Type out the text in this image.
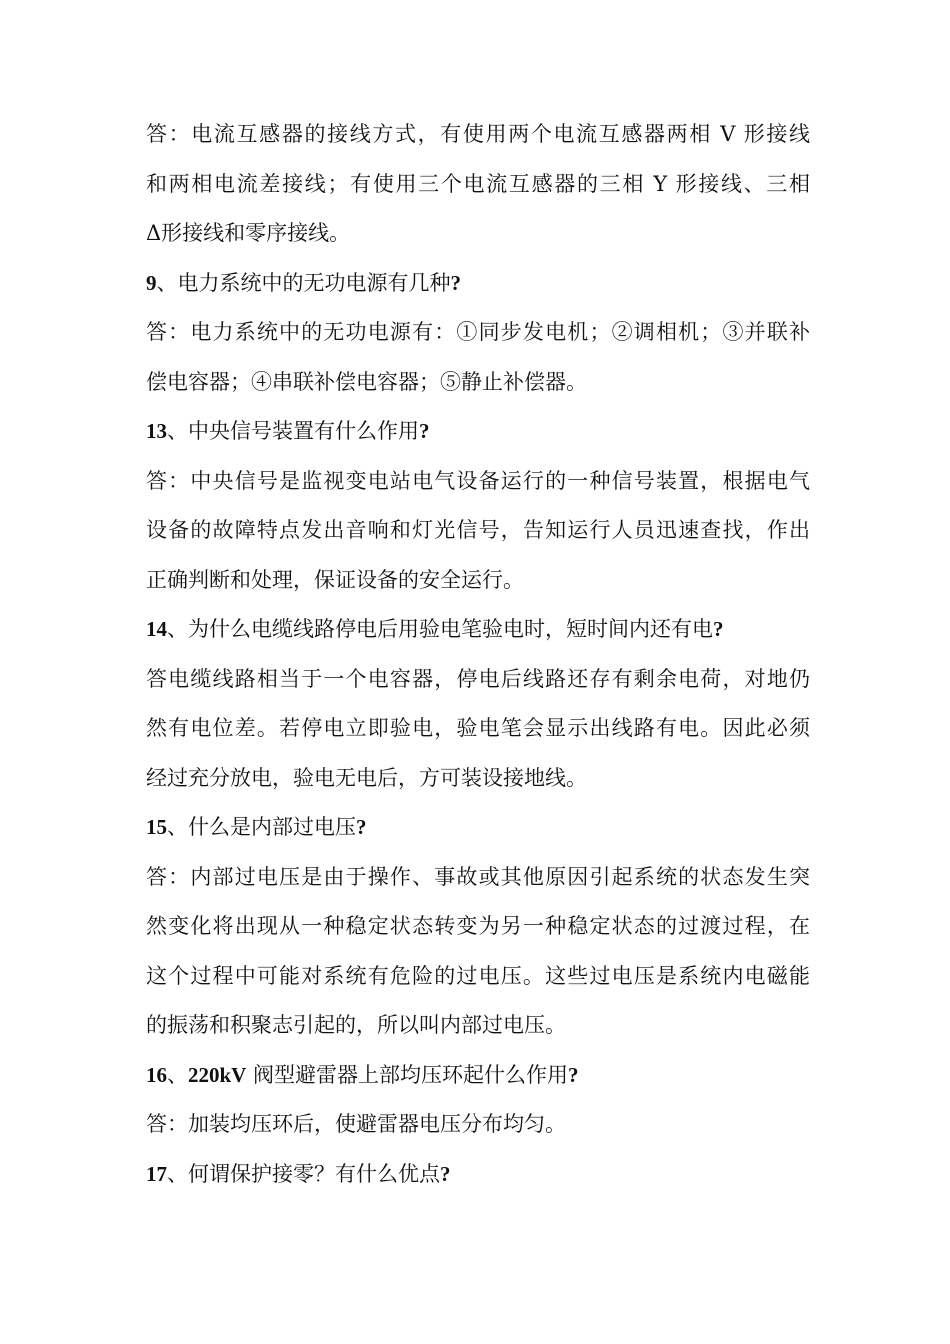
答：电流互感器的接线方式，有使用两个电流互感器两相 V 形接线
和两相电流差接线；有使用三个电流互感器的三相 Y 形接线、三相
Δ形接线和零序接线。
9、电力系统中的无功电源有几种?
答：电力系统中的无功电源有：①同步发电机；②调相机；③并联补
偿电容器；④串联补偿电容器；⑤静止补偿器。
13、中央信号装置有什么作用?
答：中央信号是监视变电站电气设备运行的一种信号装置，根据电气
设备的故障特点发出音响和灯光信号，告知运行人员迅速查找，作出
正确判断和处理，保证设备的安全运行。
14、为什么电缆线路停电后用验电笔验电时，短时间内还有电?
答电缆线路相当于一个电容器，停电后线路还存有剩余电荷，对地仍
然有电位差。若停电立即验电，验电笔会显示出线路有电。因此必须
经过充分放电，验电无电后，方可装设接地线。
15、什么是内部过电压?
答：内部过电压是由于操作、事故或其他原因引起系统的状态发生突
然变化将出现从一种稳定状态转变为另一种稳定状态的过渡过程，在
这个过程中可能对系统有危险的过电压。这些过电压是系统内电磁能
的振荡和积聚志引起的，所以叫内部过电压。
16、220kV 阀型避雷器上部均压环起什么作用?
答：加装均压环后，使避雷器电压分布均匀。
17、何谓保护接零？有什么优点?
